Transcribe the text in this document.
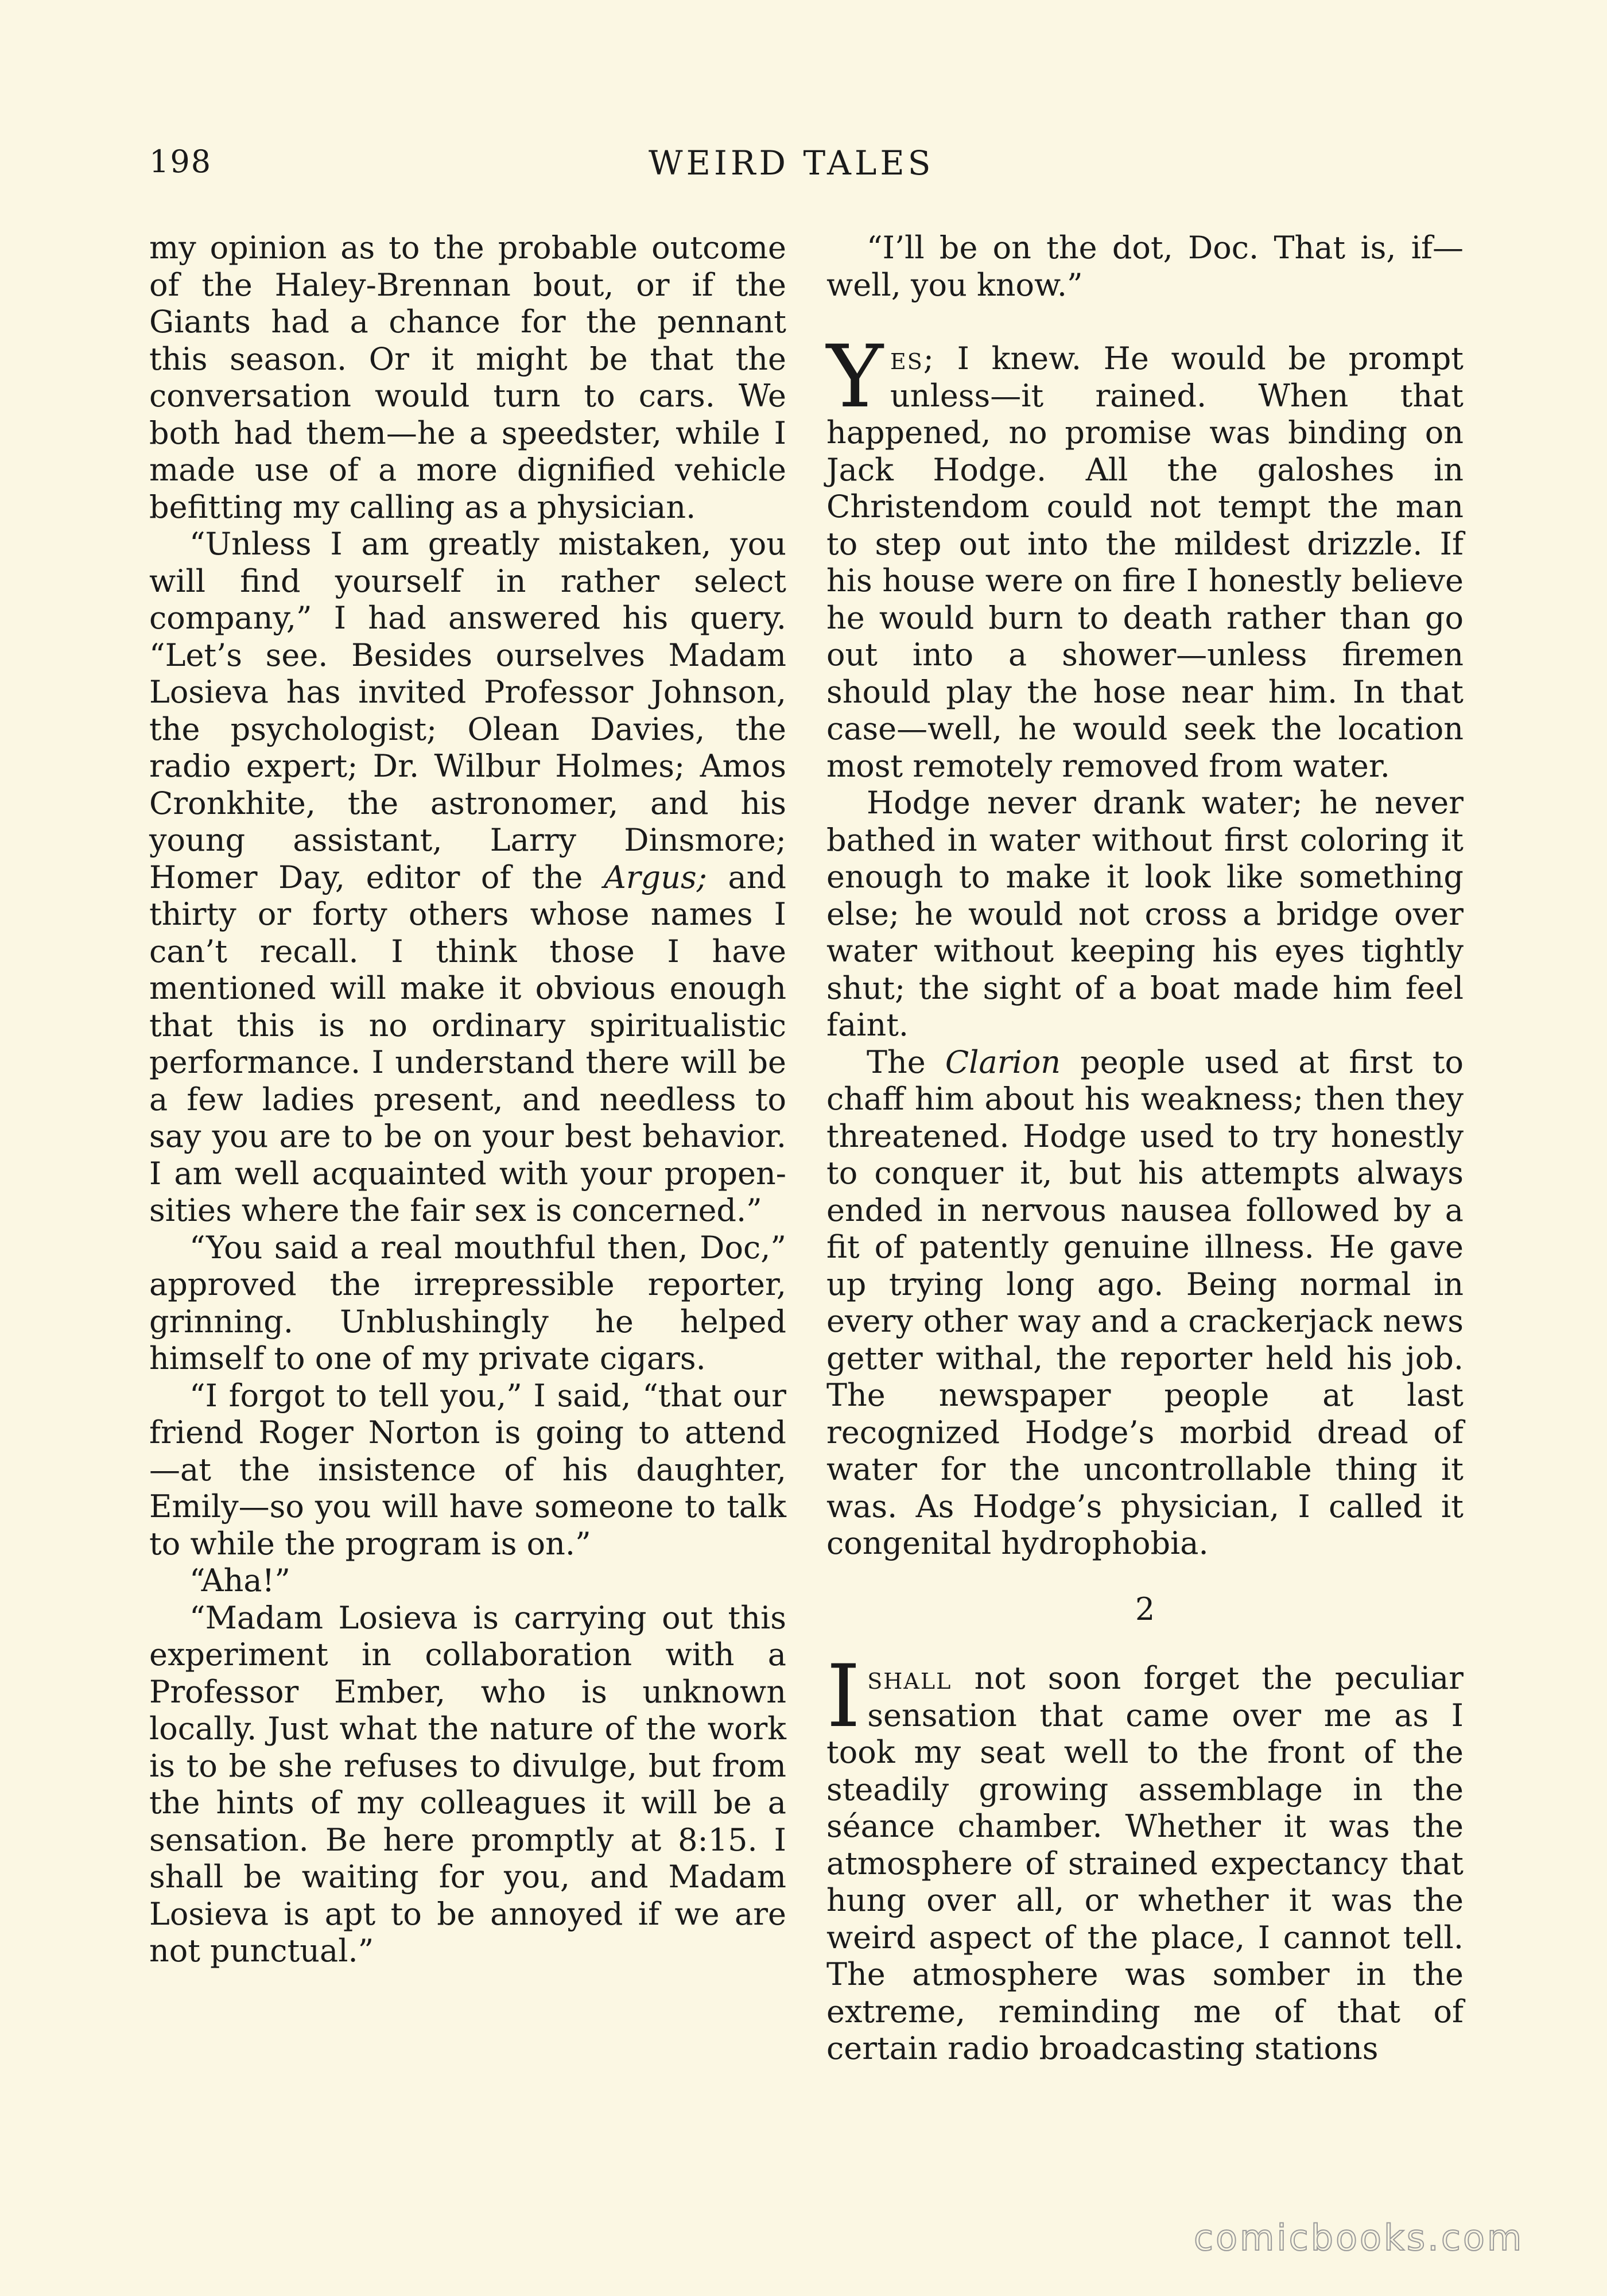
198	WEIRD TALES

my opinion as to the probable outcome of the Haley-Brennan bout, or if the Giants had a chance for the pennant this season. Or it might be that the conversation would turn to cars. We both had them—he a speedster, while I made use of a more dignified vehicle befitting my calling as a physician.

“Unless I am greatly mistaken, you will find yourself in rather select company,” I had answered his query. “Let’s see. Besides ourselves Madam Losieva has invited Professor Johnson, the psychologist; Olean Davies, the radio expert; Dr. Wilbur Holmes; Amos Cronkhite, the astronomer, and his young assistant, Larry Dinsmore; Homer Day, editor of the Argus; and thirty or forty others whose names I can’t recall. I think those I have mentioned will make it obvious enough that this is no ordinary spiritualistic performance. I understand there will be a few ladies present, and needless to say you are to be on your best behavior. I am well acquainted with your propensities where the fair sex is concerned.”

“You said a real mouthful then, Doc,” approved the irrepressible reporter, grinning. Unblushingly he helped himself to one of my private cigars.

“I forgot to tell you,” I said, “that our friend Roger Norton is going to attend—at the insistence of his daughter, Emily—so you will have someone to talk to while the program is on.”

“Aha!”

“Madam Losieva is carrying out this experiment in collaboration with a Professor Ember, who is unknown locally. Just what the nature of the work is to be she refuses to divulge, but from the hints of my colleagues it will be a sensation. Be here promptly at 8:15. I shall be waiting for you, and Madam Losieva is apt to be annoyed if we are not punctual.”

“I’ll be on the dot, Doc. That is, if—well, you know.”

Yes; I knew. He would be prompt unless—it rained. When that happened, no promise was binding on Jack Hodge. All the galoshes in Christendom could not tempt the man to step out into the mildest drizzle. If his house were on fire I honestly believe he would burn to death rather than go out into a shower—unless firemen should play the hose near him. In that case—well, he would seek the location most remotely removed from water.

Hodge never drank water; he never bathed in water without first coloring it enough to make it look like something else; he would not cross a bridge over water without keeping his eyes tightly shut; the sight of a boat made him feel faint.

The Clarion people used at first to chaff him about his weakness; then they threatened. Hodge used to try honestly to conquer it, but his attempts always ended in nervous nausea followed by a fit of patently genuine illness. He gave up trying long ago. Being normal in every other way and a crackerjack news getter withal, the reporter held his job. The newspaper people at last recognized Hodge’s morbid dread of water for the uncontrollable thing it was. As Hodge’s physician, I called it congenital hydrophobia.

2

Ishall not soon forget the peculiar sensation that came over me as I took my seat well to the front of the steadily growing assemblage in the séance chamber. Whether it was the atmosphere of strained expectancy that hung over all, or whether it was the weird aspect of the place, I cannot tell. The atmosphere was somber in the extreme, reminding me of that of certain radio broadcasting stations

comicbooks.com
